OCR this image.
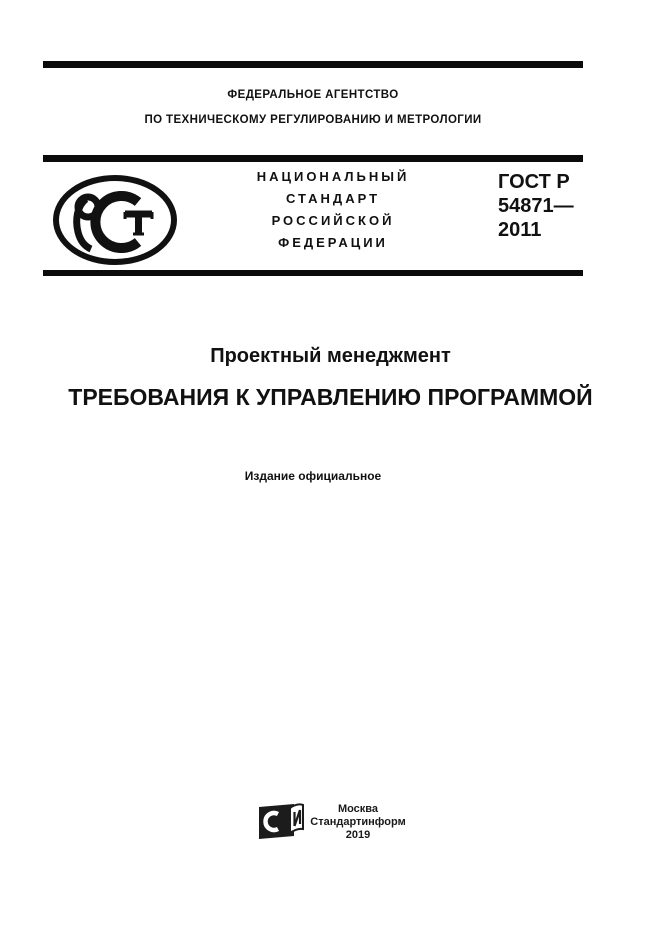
ФЕДЕРАЛЬНОЕ АГЕНТСТВО
ПО ТЕХНИЧЕСКОМУ РЕГУЛИРОВАНИЮ И МЕТРОЛОГИИ
НАЦИОНАЛЬНЫЙ
СТАНДАРТ
РОССИЙСКОЙ
ФЕДЕРАЦИИ
ГОСТ Р
54871—
2011
Проектный менеджмент
ТРЕБОВАНИЯ К УПРАВЛЕНИЮ ПРОГРАММОЙ
Издание официальное
Москва
Стандартинформ
2019
